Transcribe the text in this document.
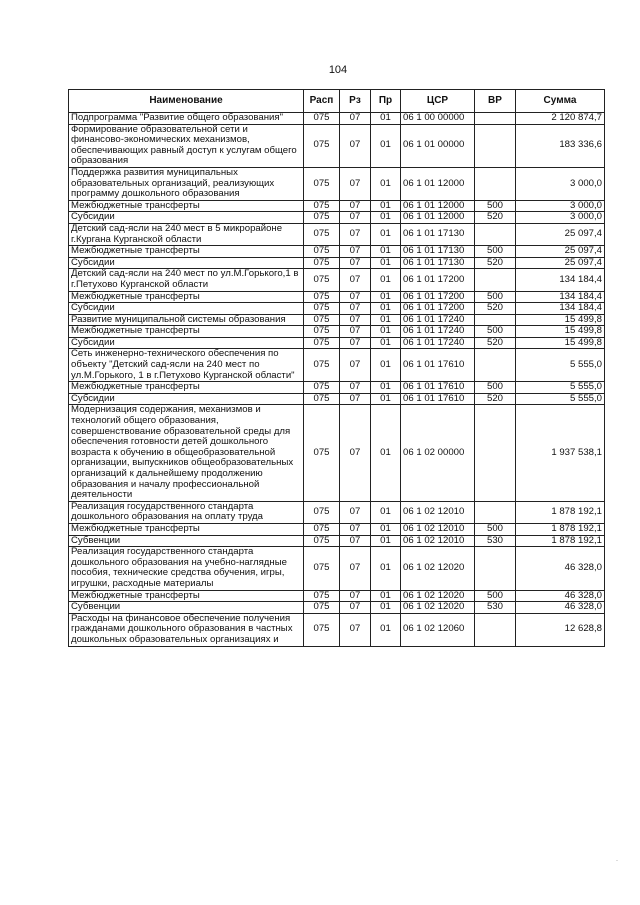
104
Наименование	Расп	Рз	Пр	ЦСР	ВР	Сумма
Подпрограмма "Развитие общего образования"	075	07	01	06 1 00 00000		2 120 874,7
Формирование образовательной сети и финансово-экономических механизмов, обеспечивающих равный доступ к услугам общего образования	075	07	01	06 1 01 00000		183 336,6
Поддержка развития муниципальных образовательных организаций, реализующих программу дошкольного образования	075	07	01	06 1 01 12000		3 000,0
Межбюджетные трансферты	075	07	01	06 1 01 12000	500	3 000,0
Субсидии	075	07	01	06 1 01 12000	520	3 000,0
Детский сад-ясли на 240 мест в 5 микрорайоне г.Кургана Курганской области	075	07	01	06 1 01 17130		25 097,4
Межбюджетные трансферты	075	07	01	06 1 01 17130	500	25 097,4
Субсидии	075	07	01	06 1 01 17130	520	25 097,4
Детский сад-ясли на 240 мест по ул.М.Горького,1 в г.Петухово Курганской области	075	07	01	06 1 01 17200		134 184,4
Межбюджетные трансферты	075	07	01	06 1 01 17200	500	134 184,4
Субсидии	075	07	01	06 1 01 17200	520	134 184,4
Развитие муниципальной системы образования	075	07	01	06 1 01 17240		15 499,8
Межбюджетные трансферты	075	07	01	06 1 01 17240	500	15 499,8
Субсидии	075	07	01	06 1 01 17240	520	15 499,8
Сеть инженерно-технического обеспечения по объекту "Детский сад-ясли на 240 мест по ул.М.Горького, 1 в г.Петухово Курганской области"	075	07	01	06 1 01 17610		5 555,0
Межбюджетные трансферты	075	07	01	06 1 01 17610	500	5 555,0
Субсидии	075	07	01	06 1 01 17610	520	5 555,0
Модернизация содержания, механизмов и технологий общего образования, совершенствование образовательной среды для обеспечения готовности детей дошкольного возраста к обучению в общеобразовательной организации, выпускников общеобразовательных организаций к дальнейшему продолжению образования и началу профессиональной деятельности	075	07	01	06 1 02 00000		1 937 538,1
Реализация государственного стандарта дошкольного образования на оплату труда	075	07	01	06 1 02 12010		1 878 192,1
Межбюджетные трансферты	075	07	01	06 1 02 12010	500	1 878 192,1
Субвенции	075	07	01	06 1 02 12010	530	1 878 192,1
Реализация государственного стандарта дошкольного образования на учебно-наглядные пособия, технические средства обучения, игры, игрушки, расходные материалы	075	07	01	06 1 02 12020		46 328,0
Межбюджетные трансферты	075	07	01	06 1 02 12020	500	46 328,0
Субвенции	075	07	01	06 1 02 12020	530	46 328,0
Расходы на финансовое обеспечение получения гражданами дошкольного образования в частных дошкольных образовательных организациях и	075	07	01	06 1 02 12060		12 628,8
·
